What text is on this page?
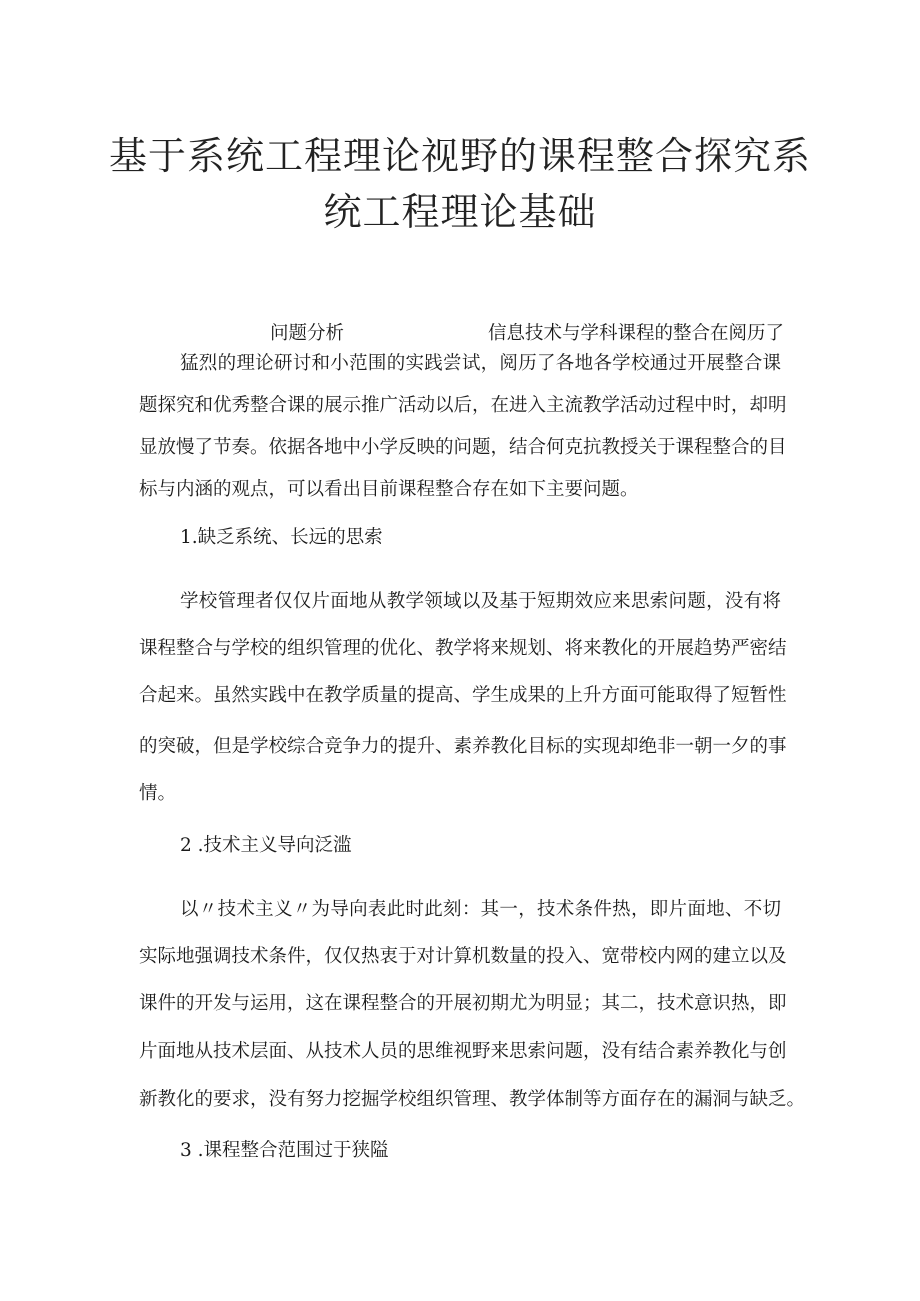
基于系统工程理论视野的课程整合探究系
统工程理论基础
问题分析	信息技术与学科课程的整合在阅历了
猛烈的理论研讨和小范围的实践尝试，阅历了各地各学校通过开展整合课
题探究和优秀整合课的展示推广活动以后，在进入主流教学活动过程中时，却明
显放慢了节奏。依据各地中小学反映的问题，结合何克抗教授关于课程整合的目
标与内涵的观点，可以看出目前课程整合存在如下主要问题。
1.缺乏系统、长远的思索
学校管理者仅仅片面地从教学领域以及基于短期效应来思索问题，没有将
课程整合与学校的组织管理的优化、教学将来规划、将来教化的开展趋势严密结
合起来。虽然实践中在教学质量的提高、学生成果的上升方面可能取得了短暂性
的突破，但是学校综合竞争力的提升、素养教化目标的实现却绝非一朝一夕的事
情。
2 .技术主义导向泛滥
以〃技术主义〃为导向表此时此刻：其一，技术条件热，即片面地、不切
实际地强调技术条件，仅仅热衷于对计算机数量的投入、宽带校内网的建立以及
课件的开发与运用，这在课程整合的开展初期尤为明显；其二，技术意识热，即
片面地从技术层面、从技术人员的思维视野来思索问题，没有结合素养教化与创
新教化的要求，没有努力挖掘学校组织管理、教学体制等方面存在的漏洞与缺乏。
3 .课程整合范围过于狭隘
